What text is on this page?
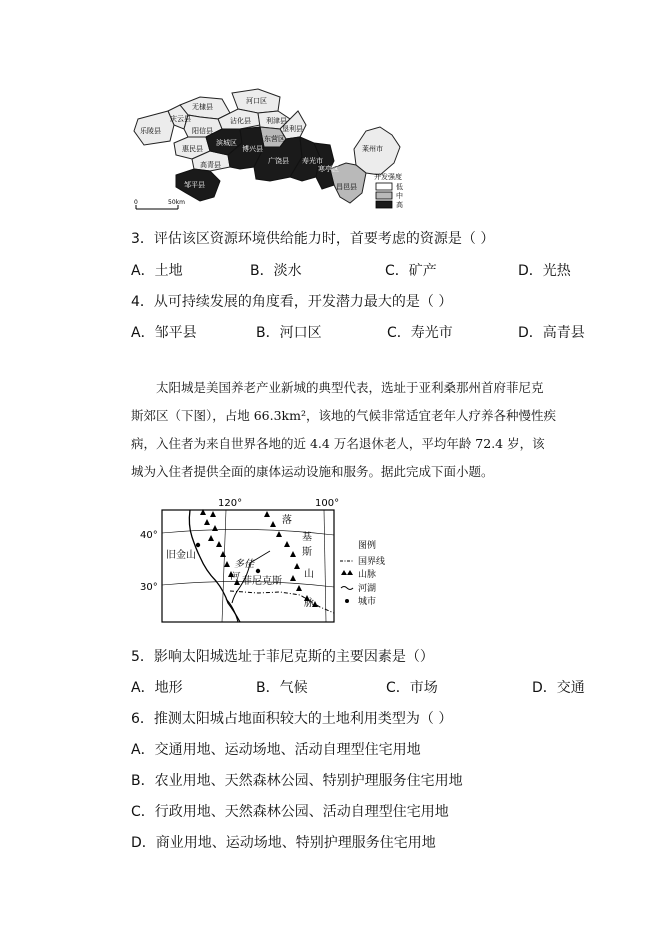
无棣县
河口区
沾化县 利津县
垦利县
庆云县
乐陵县	阳信县
惠民县
高青县
莱州市
东营区
昌邑县
滨城区
博兴县
广饶县 寿光市
寒亭区
邹平县
开发强度
低
中
高
0	50km
3．评估该区资源环境供给能力时，首要考虑的资源是（ ）
A．土地	B．淡水	C．矿产	D．光热
4．从可持续发展的角度看，开发潜力最大的是（ ）
A．邹平县	B．河口区	C．寿光市	D．高青县
太阳城是美国养老产业新城的典型代表，选址于亚利桑那州首府菲尼克
斯郊区（下图），占地 66.3km²，该地的气候非常适宜老年人疗养各种慢性疾
病，入住者为来自世界各地的近 4.4 万名退休老人，平均年龄 72.4 岁，该
城为入住者提供全面的康体运动设施和服务。据此完成下面小题。
120°	100°
40°
30°
旧金山
菲尼克斯
落
基
斯
山
脉
多佳
河
图例
国界线
山脉
河湖
城市
5．影响太阳城选址于菲尼克斯的主要因素是（）
A．地形	B．气候	C．市场	D．交通
6．推测太阳城占地面积较大的土地利用类型为（ ）
A．交通用地、运动场地、活动自理型住宅用地
B．农业用地、天然森林公园、特别护理服务住宅用地
C．行政用地、天然森林公园、活动自理型住宅用地
D．商业用地、运动场地、特别护理服务住宅用地
